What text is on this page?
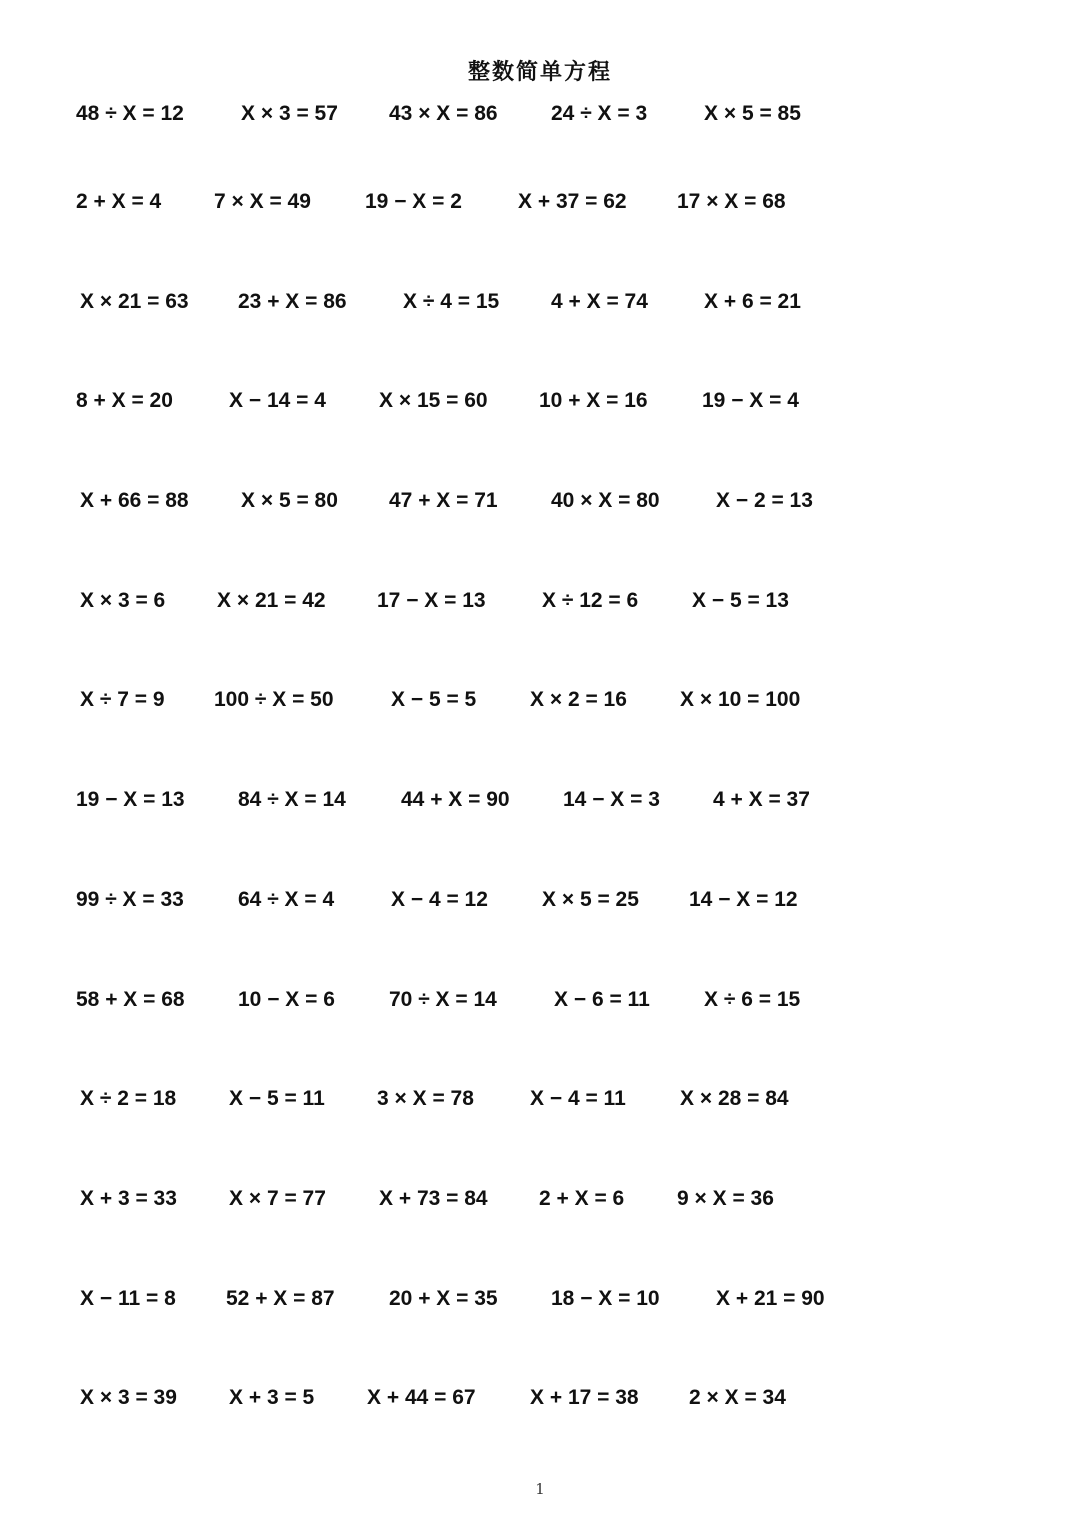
整数简单方程
48 ÷ X = 12	X × 3 = 57 43 × X = 86	24 ÷ X = 3	X × 5 = 85
2 + X = 4	7 × X = 49	19 − X = 2	X + 37 = 62 17 × X = 68
X × 21 = 63 23 + X = 86	X ÷ 4 = 15 4 + X = 74	X + 6 = 21
8 + X = 20	X − 14 = 4	X × 15 = 60 10 + X = 16	19 − X = 4
X + 66 = 88 X × 5 = 80 47 + X = 71	40 × X = 80	X − 2 = 13
X × 3 = 6 X × 21 = 42 17 − X = 13	X ÷ 12 = 6	X − 5 = 13
X ÷ 7 = 9 100 ÷ X = 50	X − 5 = 5	X × 2 = 16	X × 10 = 100
19 − X = 13	84 ÷ X = 14	44 + X = 90	14 − X = 3	4 + X = 37
99 ÷ X = 33	64 ÷ X = 4	X − 4 = 12	X × 5 = 25 14 − X = 12
58 + X = 68	10 − X = 6	70 ÷ X = 14	X − 6 = 11	X ÷ 6 = 15
X ÷ 2 = 18	X − 5 = 11 3 × X = 78	X − 4 = 11	X × 28 = 84
X + 3 = 33 X × 7 = 77	X + 73 = 84 2 + X = 6	9 × X = 36
X − 11 = 8 52 + X = 87	20 + X = 35	18 − X = 10	X + 21 = 90
X × 3 = 39 X + 3 = 5	X + 44 = 67	X + 17 = 38 2 × X = 34
1
